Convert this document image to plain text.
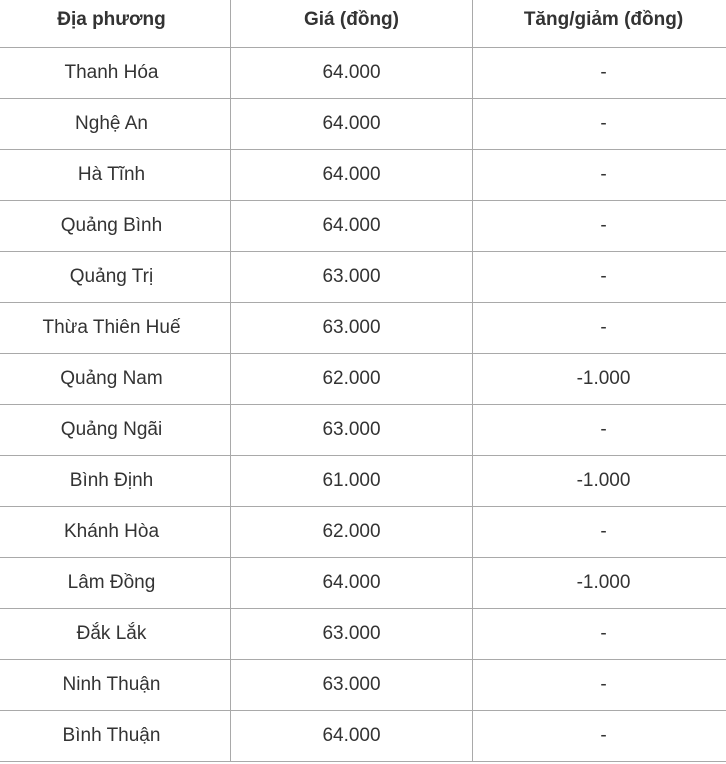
Địa phương	Giá (đồng)	Tăng/giảm (đồng)
Thanh Hóa	64.000	-
Nghệ An	64.000	-
Hà Tĩnh	64.000	-
Quảng Bình	64.000	-
Quảng Trị	63.000	-
Thừa Thiên Huế	63.000	-
Quảng Nam	62.000	-1.000
Quảng Ngãi	63.000	-
Bình Định	61.000	-1.000
Khánh Hòa	62.000	-
Lâm Đồng	64.000	-1.000
Đắk Lắk	63.000	-
Ninh Thuận	63.000	-
Bình Thuận	64.000	-
